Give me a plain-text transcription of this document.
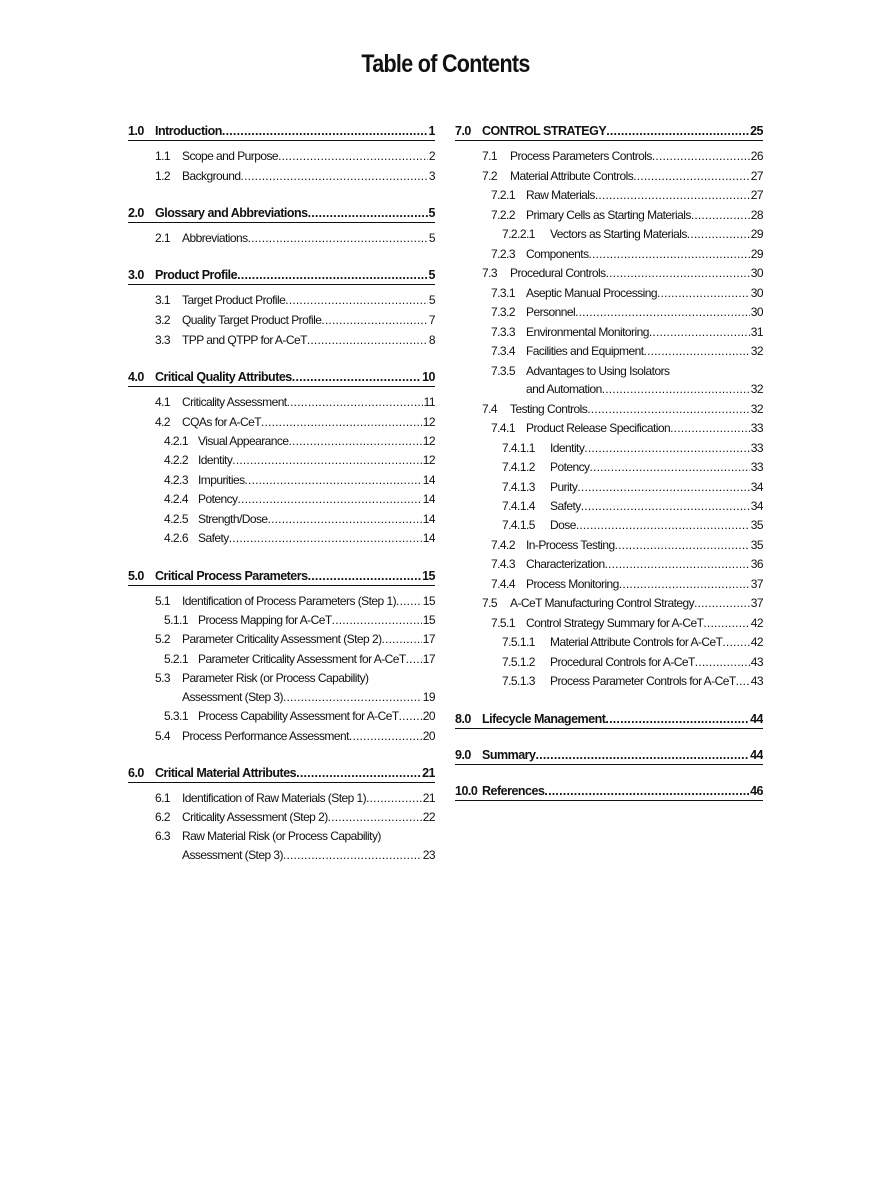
Table of Contents
1.0 Introduction .....	1
1.1 Scope and Purpose .....	2
1.2 Background .....	3
2.0 Glossary and Abbreviations .....	5
2.1 Abbreviations .....	5
3.0 Product Profile .....	5
3.1 Target Product Profile .....	5
3.2 Quality Target Product Profile .....	7
3.3 TPP and QTPP for A-CeT .....	8
4.0 Critical Quality Attributes .....	10
4.1 Criticality Assessment .....	11
4.2 CQAs for A-CeT .....	12
4.2.1 Visual Appearance .....	12
4.2.2 Identity .....	12
4.2.3 Impurities .....	14
4.2.4 Potency .....	14
4.2.5 Strength/Dose .....	14
4.2.6 Safety .....	14
5.0 Critical Process Parameters .....	15
5.1 Identification of Process Parameters (Step 1) ..... 15
5.1.1 Process Mapping for A-CeT .....	15
5.2 Parameter Criticality Assessment (Step 2) .....	17
5.2.1 Parameter Criticality Assessment for A-CeT ..... 17
5.3 Parameter Risk (or Process Capability)
Assessment (Step 3) .....	19
5.3.1 Process Capability Assessment for A-CeT ..... 20
5.4 Process Performance Assessment .....	20
6.0 Critical Material Attributes .....	21
6.1 Identification of Raw Materials (Step 1) .....	21
6.2 Criticality Assessment (Step 2) .....	22
6.3 Raw Material Risk (or Process Capability)
Assessment (Step 3) .....	23
7.0 CONTROL STRATEGY .....	25
7.1	Process Parameters Controls .....	26
7.2	Material Attribute Controls .....	27
7.2.1 Raw Materials .....	27
7.2.2 Primary Cells as Starting Materials .....	28
7.2.2.1	Vectors as Starting Materials .....	29
7.2.3 Components .....	29
7.3	Procedural Controls .....	30
7.3.1 Aseptic Manual Processing .....	30
7.3.2 Personnel .....	30
7.3.3 Environmental Monitoring .....	31
7.3.4 Facilities and Equipment .....	32
7.3.5 Advantages to Using Isolators
and Automation .....	32
7.4	Testing Controls .....	32
7.4.1 Product Release Specification .....	33
7.4.1.1	Identity .....	33
7.4.1.2	Potency .....	33
7.4.1.3	Purity .....	34
7.4.1.4	Safety .....	34
7.4.1.5	Dose .....	35
7.4.2 In-Process Testing .....	35
7.4.3 Characterization .....	36
7.4.4 Process Monitoring .....	37
7.5	A-CeT Manufacturing Control Strategy .....	37
7.5.1 Control Strategy Summary for A-CeT .....	42
7.5.1.1	Material Attribute Controls for A-CeT ..... 42
7.5.1.2	Procedural Controls for A-CeT .....	43
7.5.1.3	Process Parameter Controls for A-CeT ..... 43
8.0 Lifecycle Management .....	44
9.0 Summary .....	44
10.0 References .....	46
